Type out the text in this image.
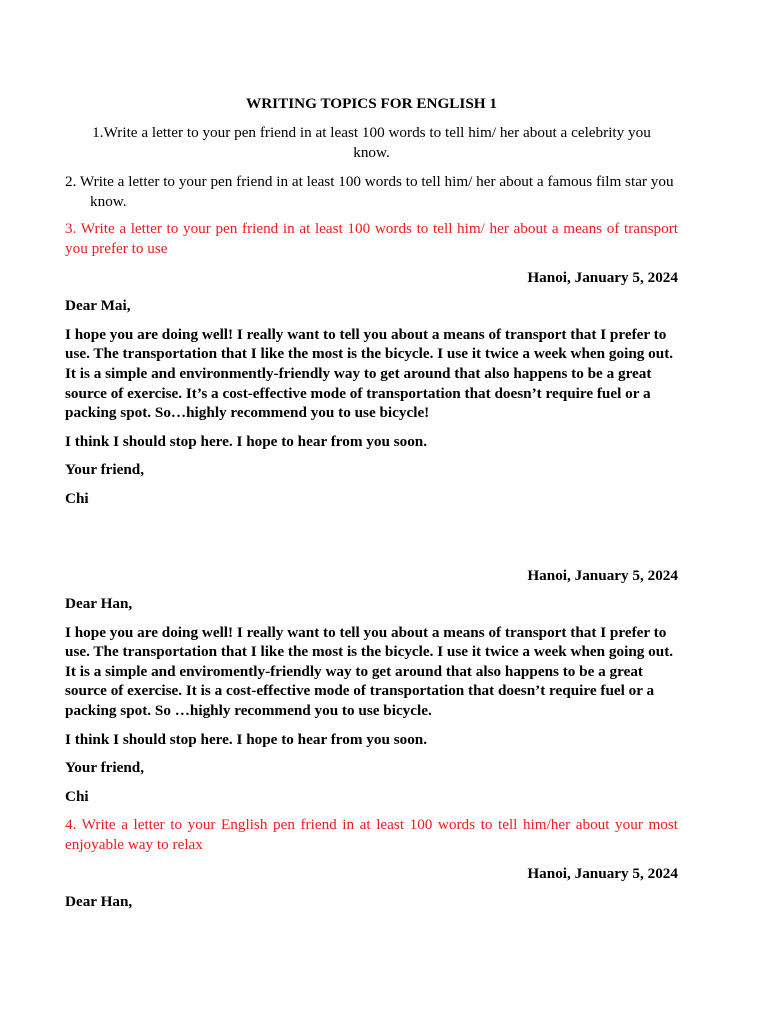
WRITING TOPICS FOR ENGLISH 1

1.Write a letter to your pen friend in at least 100 words to tell him/ her about a celebrity you know.

2. Write a letter to your pen friend in at least 100 words to tell him/ her about a famous film star you know.

3. Write a letter to your pen friend in at least 100 words to tell him/ her about a means of transport you prefer to use

Hanoi, January 5, 2024

Dear Mai,

I hope you are doing well! I really want to tell you about a means of transport that I prefer to use. The transportation that I like the most is the bicycle. I use it twice a week when going out. It is a simple and environmently-friendly way to get around that also happens to be a great source of exercise. It’s a cost-effective mode of transportation that doesn’t require fuel or a packing spot. So…highly recommend you to use bicycle!

I think I should stop here. I hope to hear from you soon.

Your friend,

Chi

Hanoi, January 5, 2024

Dear Han,

I hope you are doing well! I really want to tell you about a means of transport that I prefer to use. The transportation that I like the most is the bicycle. I use it twice a week when going out. It is a simple and enviromently-friendly way to get around that also happens to be a great source of exercise. It is a cost-effective mode of transportation that doesn’t require fuel or a packing spot. So …highly recommend you to use bicycle.

I think I should stop here. I hope to hear from you soon.

Your friend,

Chi

4. Write a letter to your English pen friend in at least 100 words to tell him/her about your most enjoyable way to relax

Hanoi, January 5, 2024

Dear Han,
